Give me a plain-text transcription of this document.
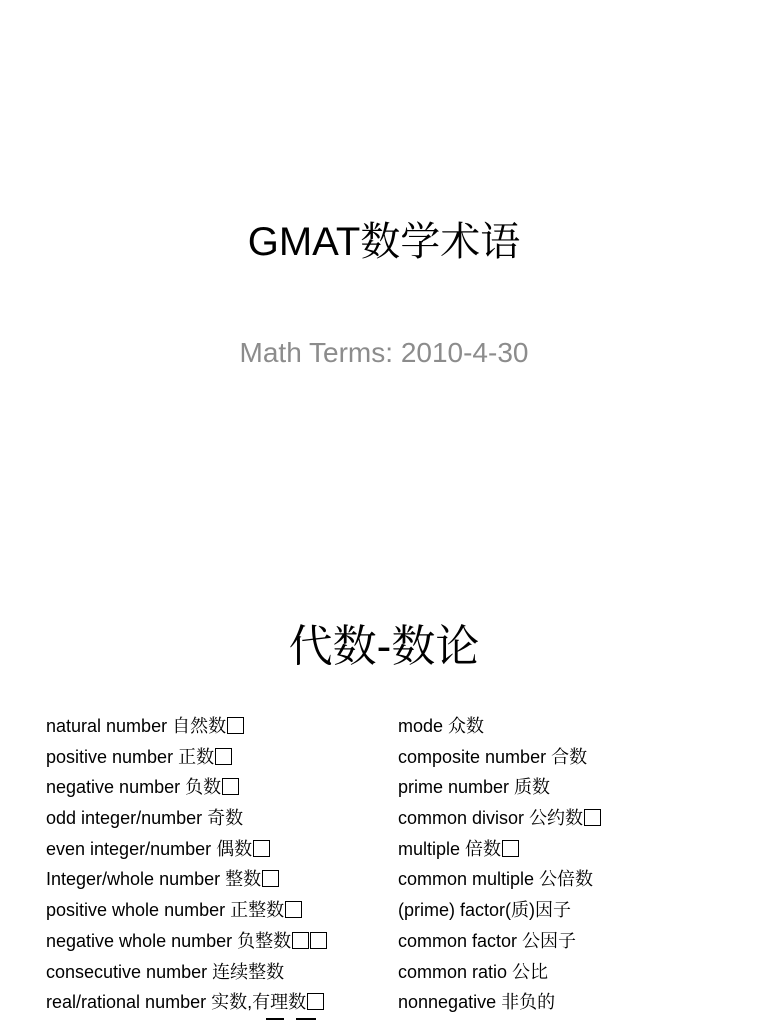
GMAT数学术语
Math Terms: 2010-4-30
代数-数论
natural number 自然数
positive number 正数
negative number 负数
odd integer/number 奇数
even integer/number 偶数
Integer/whole number 整数
positive whole number 正整数
negative whole number 负整数
consecutive number 连续整数
real/rational number 实数,有理数
mode 众数
composite number 合数
prime number 质数
common divisor 公约数
multiple 倍数
common multiple 公倍数
(prime) factor(质)因子
common factor 公因子
common ratio 公比
nonnegative 非负的
